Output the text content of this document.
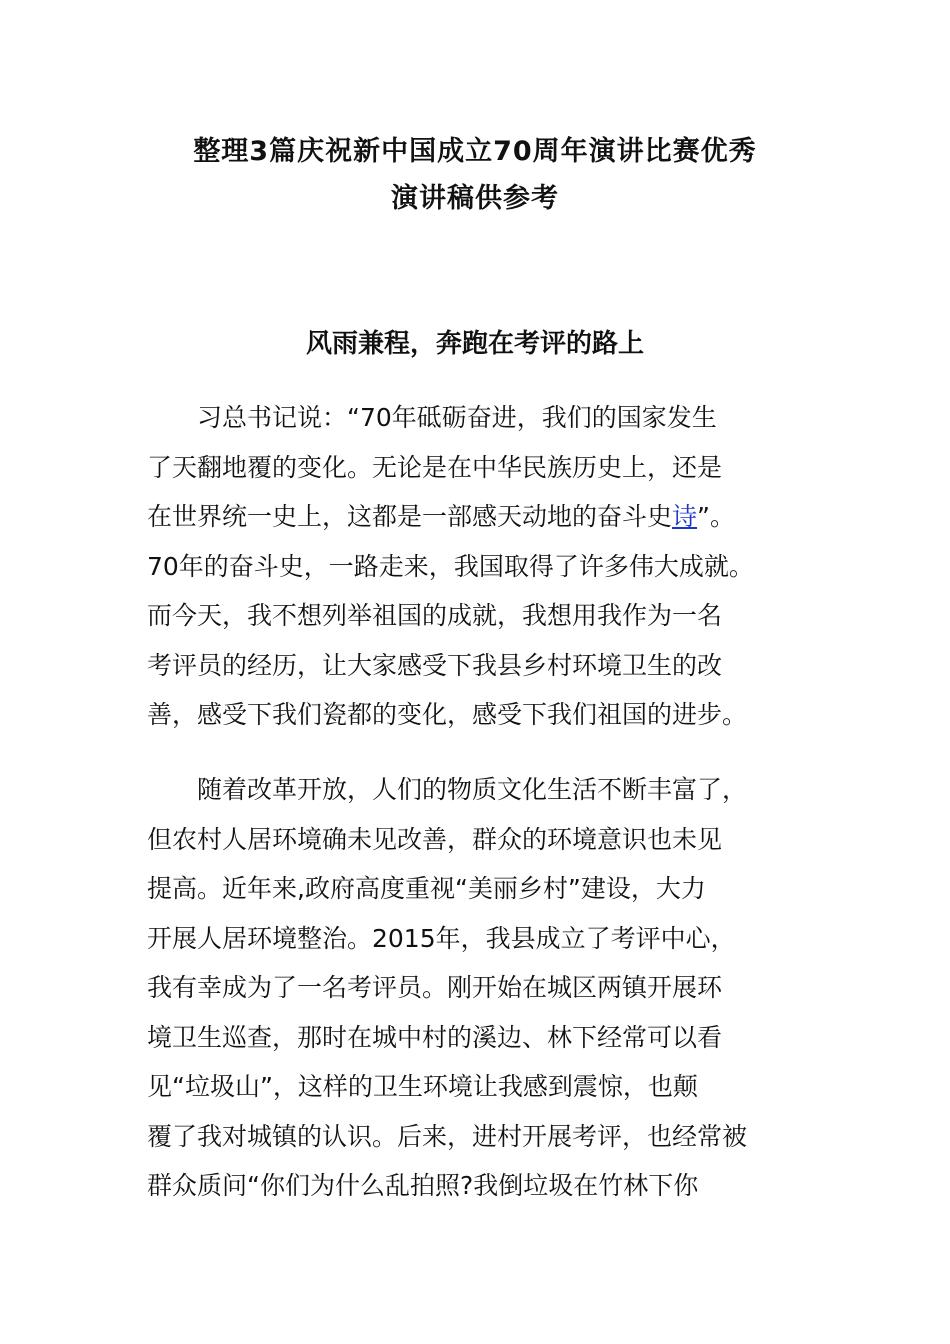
整理3篇庆祝新中国成立70周年演讲比赛优秀
演讲稿供参考
风雨兼程，奔跑在考评的路上

习总书记说：“70年砥砺奋进，我们的国家发生
了天翻地覆的变化。无论是在中华民族历史上，还是
在世界统一史上，这都是一部感天动地的奋斗史诗”。
70年的奋斗史，一路走来，我国取得了许多伟大成就。
而今天，我不想列举祖国的成就，我想用我作为一名
考评员的经历，让大家感受下我县乡村环境卫生的改
善，感受下我们瓷都的变化，感受下我们祖国的进步。

随着改革开放，人们的物质文化生活不断丰富了，
但农村人居环境确未见改善，群众的环境意识也未见
提高。近年来,政府高度重视“美丽乡村”建设，大力
开展人居环境整治。2015年，我县成立了考评中心，
我有幸成为了一名考评员。刚开始在城区两镇开展环
境卫生巡查，那时在城中村的溪边、林下经常可以看
见“垃圾山”，这样的卫生环境让我感到震惊，也颠
覆了我对城镇的认识。后来，进村开展考评，也经常被
群众质问“你们为什么乱拍照?我倒垃圾在竹林下你
